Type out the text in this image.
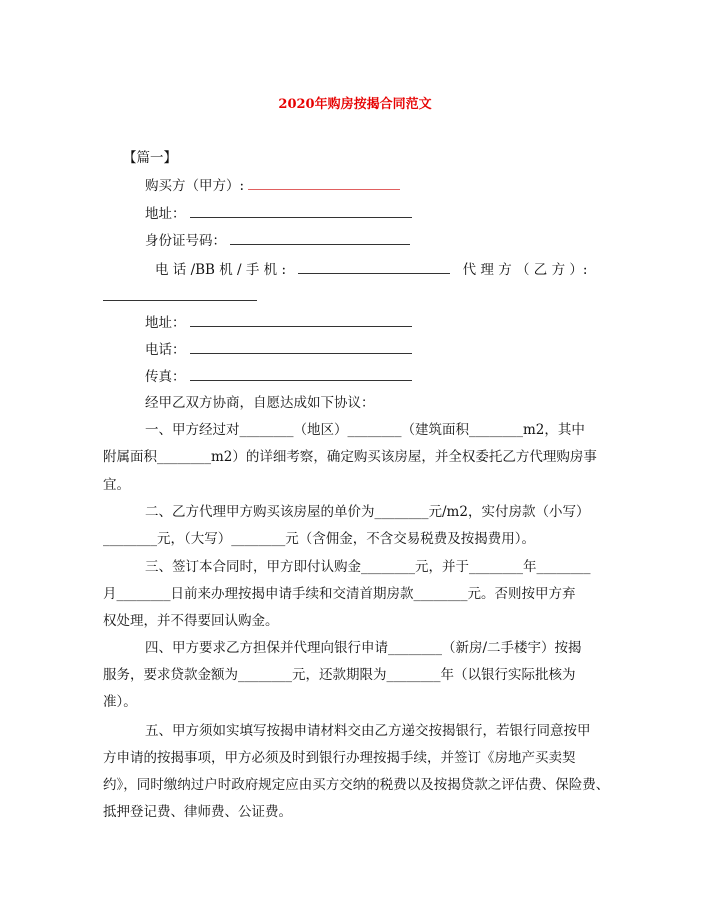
2020年购房按揭合同范文
【篇一】
购买方（甲方）:
地址：
身份证号码：
电 话 /BB 机 / 手 机 :	代 理 方 （ 乙 方 ）:
地址：
电话：
传真：
经甲乙双方协商，自愿达成如下协议：
一、甲方经过对________（地区）________（建筑面积________m2，其中
附属面积________m2）的详细考察，确定购买该房屋，并全权委托乙方代理购房事
宜。
二、乙方代理甲方购买该房屋的单价为________元/m2，实付房款（小写）
________元，（大写）________元（含佣金，不含交易税费及按揭费用）。
三、签订本合同时，甲方即付认购金________元，并于________年________
月________日前来办理按揭申请手续和交清首期房款________元。否则按甲方弃
权处理，并不得要回认购金。
四、甲方要求乙方担保并代理向银行申请________（新房/二手楼宇）按揭
服务，要求贷款金额为________元，还款期限为________年（以银行实际批核为
准）。
五、甲方须如实填写按揭申请材料交由乙方递交按揭银行，若银行同意按甲
方申请的按揭事项，甲方必须及时到银行办理按揭手续，并签订《房地产买卖契
约》，同时缴纳过户时政府规定应由买方交纳的税费以及按揭贷款之评估费、保险费、
抵押登记费、律师费、公证费。
